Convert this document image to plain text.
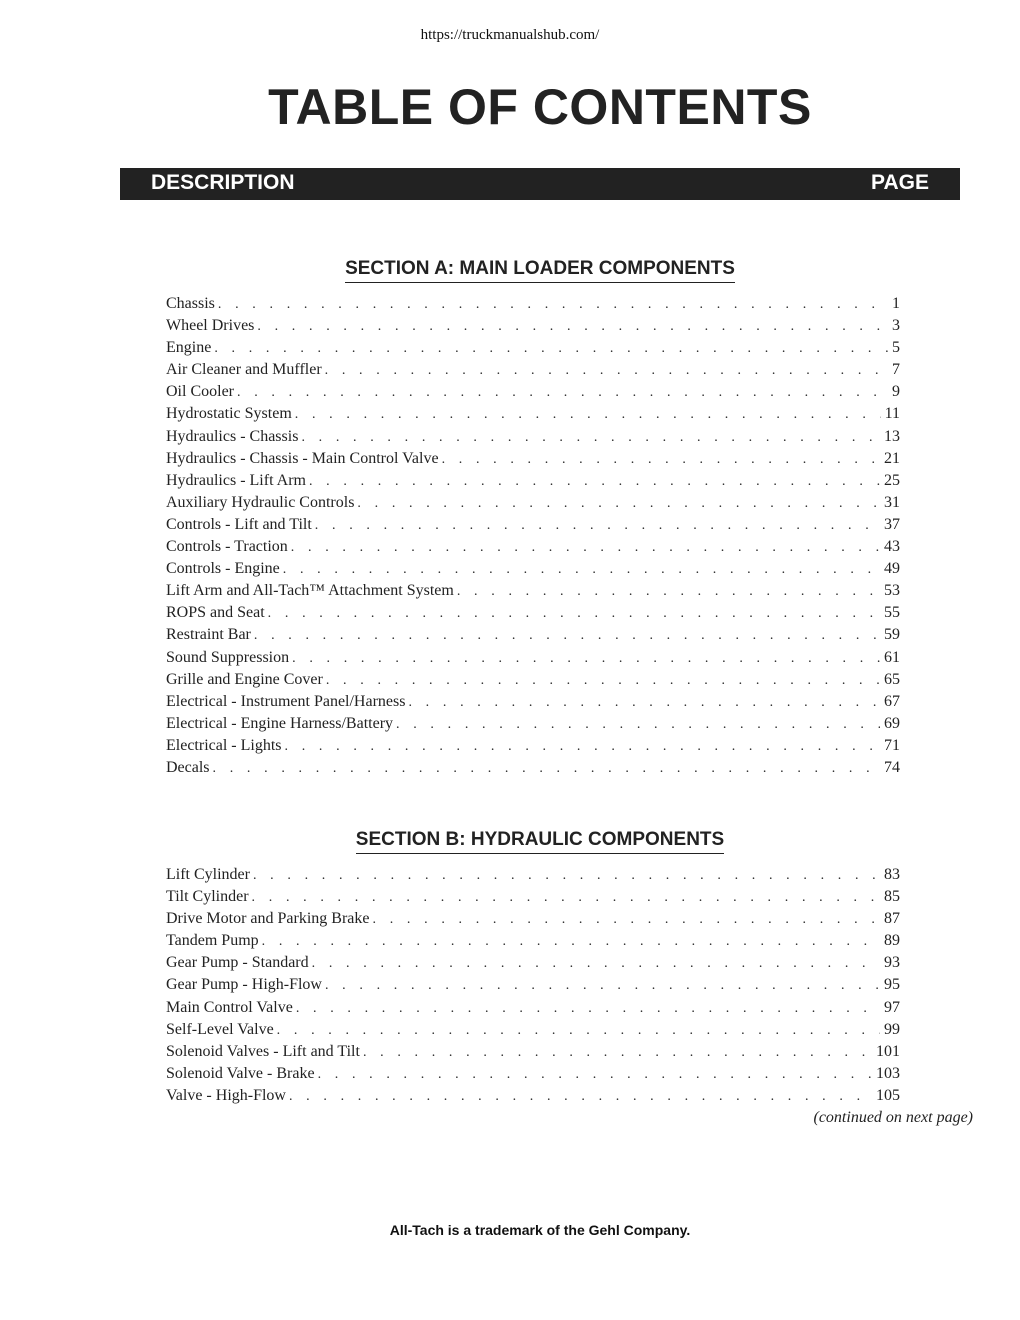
https://truckmanualshub.com/
TABLE OF CONTENTS
DESCRIPTION	PAGE
SECTION A: MAIN LOADER COMPONENTS
Chassis . . .	1
Wheel Drives . . .	3
Engine . . .	5
Air Cleaner and Muffler . . .	7
Oil Cooler . . .	9
Hydrostatic System . . .	11
Hydraulics - Chassis . . .	13
Hydraulics - Chassis - Main Control Valve . . .	21
Hydraulics - Lift Arm . . .	25
Auxiliary Hydraulic Controls . . .	31
Controls - Lift and Tilt . . .	37
Controls - Traction . . .	43
Controls - Engine . . .	49
Lift Arm and All-Tach™ Attachment System . . .	53
ROPS and Seat . . .	55
Restraint Bar . . .	59
Sound Suppression . . .	61
Grille and Engine Cover . . .	65
Electrical - Instrument Panel/Harness . . .	67
Electrical - Engine Harness/Battery . . .	69
Electrical - Lights . . .	71
Decals . . .	74
SECTION B: HYDRAULIC COMPONENTS
Lift Cylinder . . .	83
Tilt Cylinder . . .	85
Drive Motor and Parking Brake . . .	87
Tandem Pump . . .	89
Gear Pump - Standard . . .	93
Gear Pump - High-Flow . . .	95
Main Control Valve . . .	97
Self-Level Valve . . .	99
Solenoid Valves - Lift and Tilt . . .	101
Solenoid Valve - Brake . . .	103
Valve - High-Flow . . .	105
(continued on next page)
All-Tach is a trademark of the Gehl Company.
